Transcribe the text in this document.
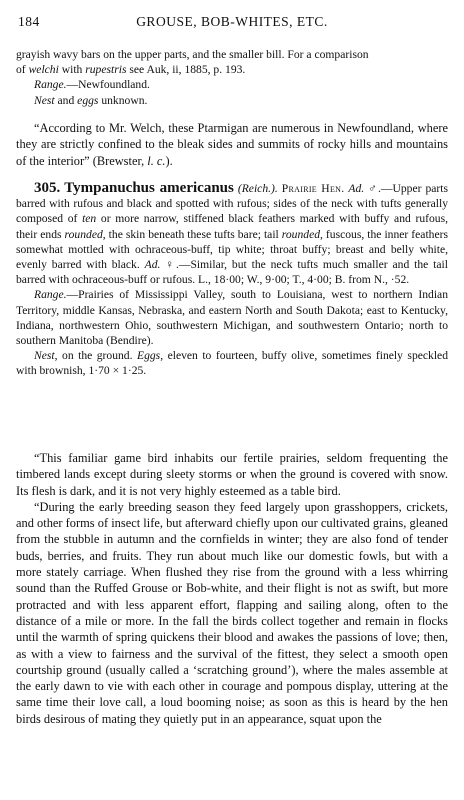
184	GROUSE, BOB-WHITES, ETC.

grayish wavy bars on the upper parts, and the smaller bill. For a comparison
of welchi with rupestris see Auk, ii, 1885, p. 193.

Range.—Newfoundland.

Nest and eggs unknown.

“According to Mr. Welch, these Ptarmigan are numerous in Newfoundland, where they are strictly confined to the bleak sides and summits of rocky hills and mountains of the interior” (Brewster, l. c.).

305. Tympanuchus americanus (Reich.). Prairie Hen. Ad. ♂.—Upper parts barred with rufous and black and spotted with rufous; sides of the neck with tufts generally composed of ten or more narrow, stiffened black feathers marked with buffy and rufous, their ends rounded, the skin beneath these tufts bare; tail rounded, fuscous, the inner feathers somewhat mottled with ochraceous-buff, tip white; throat buffy; breast and belly white, evenly barred with black. Ad. ♀.—Similar, but the neck tufts much smaller and the tail barred with ochraceous-buff or rufous. L., 18·00; W., 9·00; T., 4·00; B. from N., ·52.

Range.—Prairies of Mississippi Valley, south to Louisiana, west to northern Indian Territory, middle Kansas, Nebraska, and eastern North and South Dakota; east to Kentucky, Indiana, northwestern Ohio, southwestern Michigan, and southwestern Ontario; north to southern Manitoba (Bendire).

Nest, on the ground. Eggs, eleven to fourteen, buffy olive, sometimes finely speckled with brownish, 1·70 × 1·25.

“This familiar game bird inhabits our fertile prairies, seldom frequenting the timbered lands except during sleety storms or when the ground is covered with snow. Its flesh is dark, and it is not very highly esteemed as a table bird.

“During the early breeding season they feed largely upon grasshoppers, crickets, and other forms of insect life, but afterward chiefly upon our cultivated grains, gleaned from the stubble in autumn and the cornfields in winter; they are also fond of tender buds, berries, and fruits. They run about much like our domestic fowls, but with a more stately carriage. When flushed they rise from the ground with a less whirring sound than the Ruffed Grouse or Bob-white, and their flight is not as swift, but more protracted and with less apparent effort, flapping and sailing along, often to the distance of a mile or more. In the fall the birds collect together and remain in flocks until the warmth of spring quickens their blood and awakes the passions of love; then, as with a view to fairness and the survival of the fittest, they select a smooth open courtship ground (usually called a ‘scratching ground’), where the males assemble at the early dawn to vie with each other in courage and pompous display, uttering at the same time their love call, a loud booming noise; as soon as this is heard by the hen birds desirous of mating they quietly put in an appearance, squat upon the
